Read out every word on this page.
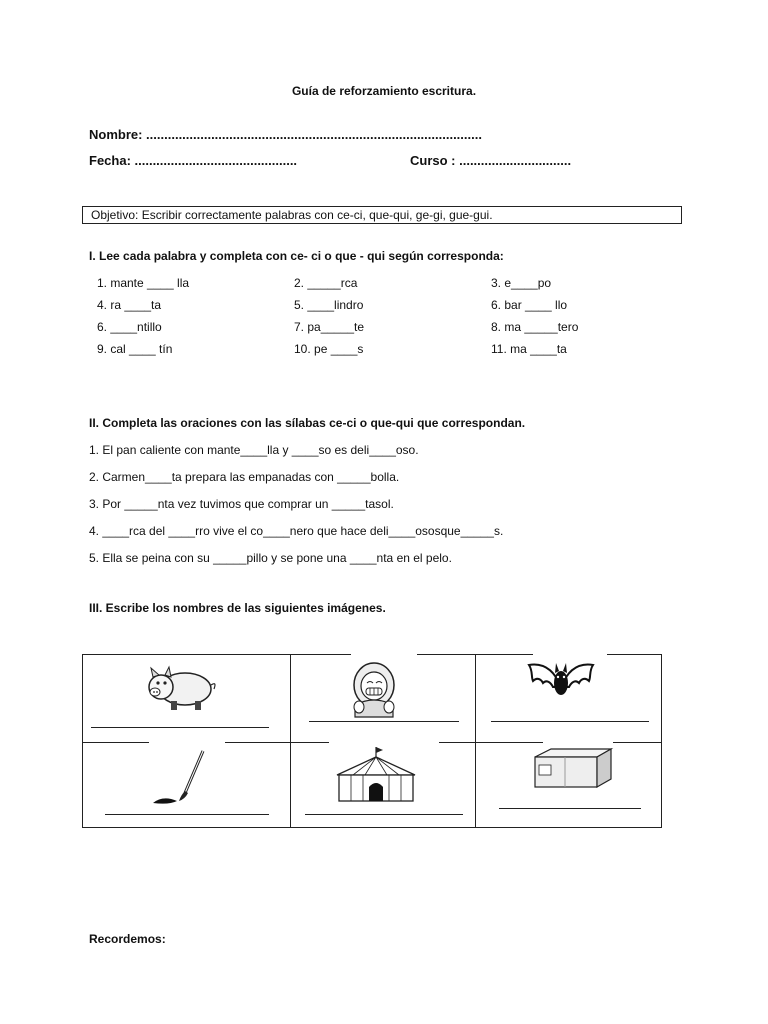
Guía de reforzamiento escritura.
Nombre: .............................................................................................
Fecha: .............................................	Curso : ...............................
Objetivo: Escribir correctamente palabras con ce-ci, que-qui, ge-gi, gue-gui.
I. Lee cada palabra y completa con ce- ci o que - qui según corresponda:
1. mante ____ lla	2. _____rca	3. e____po
4. ra ____ta	5. ____lindro	6. bar ____ llo
6. ____ntillo	7. pa_____te	8. ma _____tero
9. cal ____ tín	10. pe ____s	11. ma ____ta
II. Completa las oraciones con las sílabas ce-ci o que-qui que correspondan.
1. El pan caliente con mante____lla y ____so es deli____oso.
2. Carmen____ta prepara las empanadas con _____bolla.
3. Por _____nta vez tuvimos que comprar un _____tasol.
4. ____rca del ____rro vive el co____nero que hace deli____ososque_____s.
5. Ella se peina con su _____pillo y se pone una ____nta en el pelo.
III. Escribe los nombres de las siguientes imágenes.
Recordemos:
